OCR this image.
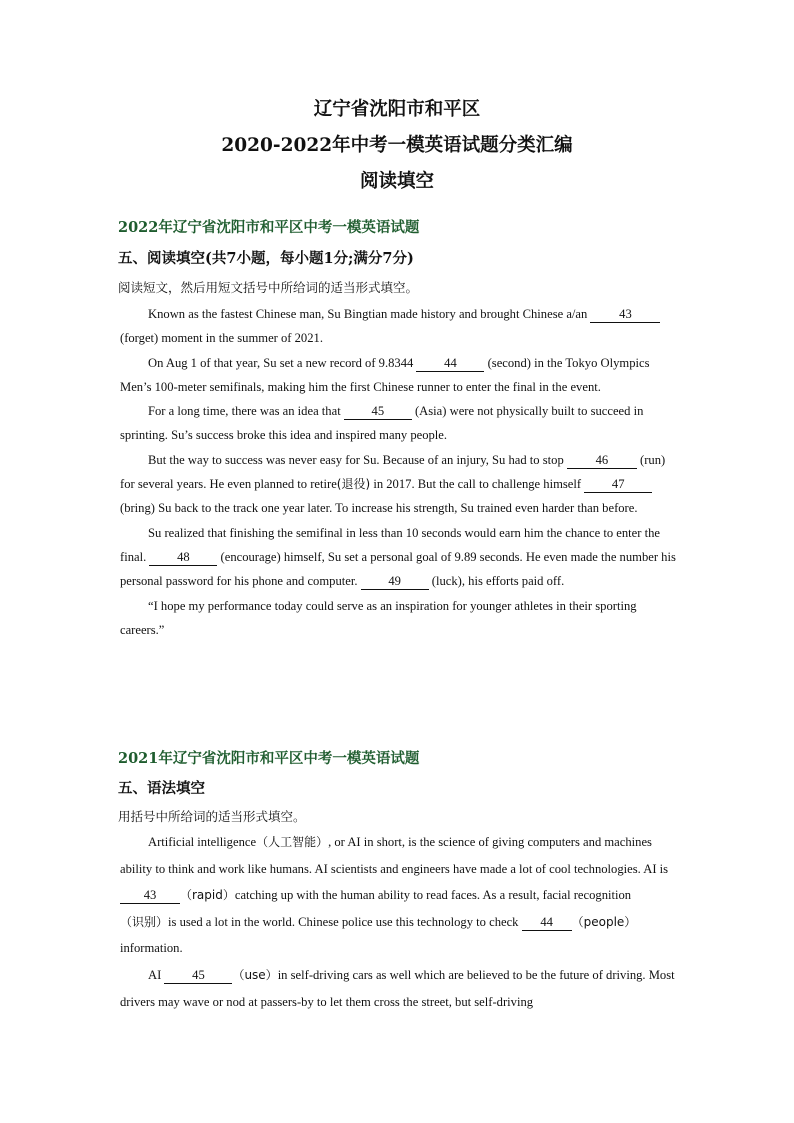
辽宁省沈阳市和平区
2020-2022年中考一模英语试题分类汇编
阅读填空
2022年辽宁省沈阳市和平区中考一模英语试题
五、阅读填空(共7小题，每小题1分;满分7分)
阅读短文，然后用短文括号中所给词的适当形式填空。

Known as the fastest Chinese man, Su Bingtian made history and brought Chinese a/an 43 (forget) moment in the summer of 2021.

On Aug 1 of that year, Su set a new record of 9.8344 44 (second) in the Tokyo Olympics Men’s 100-meter semifinals, making him the first Chinese runner to enter the final in the event.

For a long time, there was an idea that 45 (Asia) were not physically built to succeed in sprinting. Su’s success broke this idea and inspired many people.

But the way to success was never easy for Su. Because of an injury, Su had to stop 46 (run) for several years. He even planned to retire(退役) in 2017. But the call to challenge himself 47 (bring) Su back to the track one year later. To increase his strength, Su trained even harder than before.

Su realized that finishing the semifinal in less than 10 seconds would earn him the chance to enter the final. 48 (encourage) himself, Su set a personal goal of 9.89 seconds. He even made the number his personal password for his phone and computer. 49 (luck), his efforts paid off.

“I hope my performance today could serve as an inspiration for younger athletes in their sporting careers.”

2021年辽宁省沈阳市和平区中考一模英语试题
五、语法填空
用括号中所给词的适当形式填空。

Artificial intelligence（人工智能）, or AI in short, is the science of giving computers and machines ability to think and work like humans. AI scientists and engineers have made a lot of cool technologies. AI is 43 （rapid）catching up with the human ability to read faces. As a result, facial recognition（识别）is used a lot in the world. Chinese police use this technology to check 44 （people）information.

AI 45 （use）in self-driving cars as well which are believed to be the future of driving. Most drivers may wave or nod at passers-by to let them cross the street, but self-driving
